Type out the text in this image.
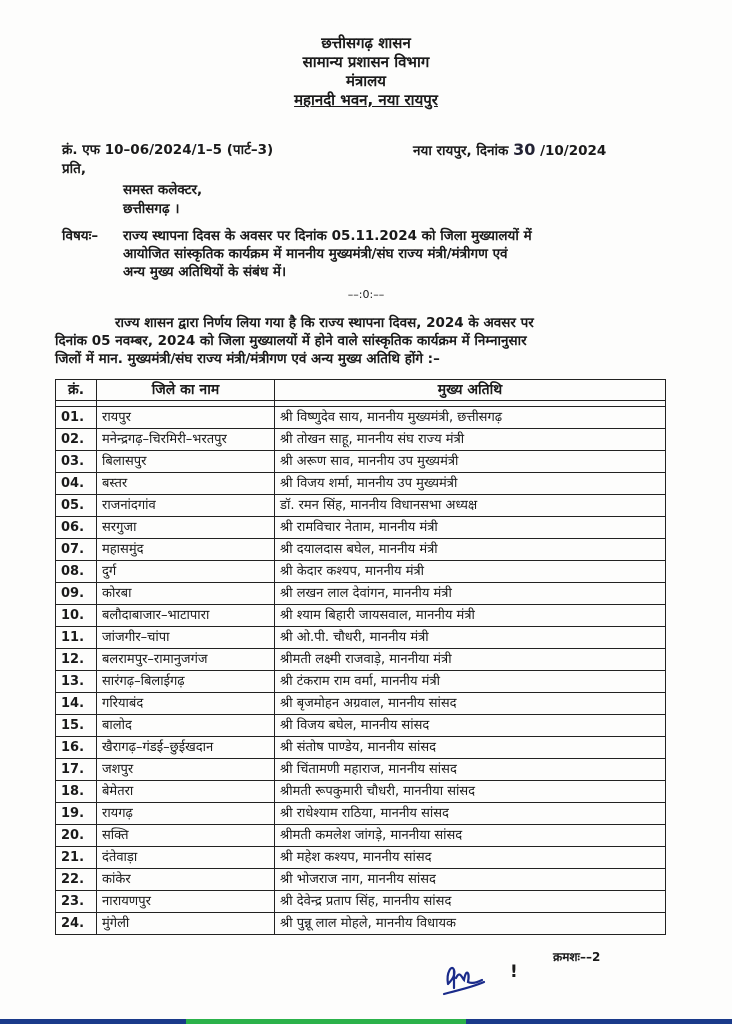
छत्तीसगढ़ शासन
सामान्य प्रशासन विभाग
मंत्रालय
महानदी भवन, नया रायपुर
क्रं. एफ 10–06/2024/1–5 (पार्ट–3)	नया रायपुर, दिनांक 30 /10/2024
प्रति,
समस्त कलेक्टर,
छत्तीसगढ़ ।
विषयः– राज्य स्थापना दिवस के अवसर पर दिनांक 05.11.2024 को जिला मुख्यालयों में
आयोजित सांस्कृतिक कार्यक्रम में माननीय मुख्यमंत्री/संघ राज्य मंत्री/मंत्रीगण एवं
अन्य मुख्य अतिथियों के संबंध में।
––:0:––
राज्य शासन द्वारा निर्णय लिया गया है कि राज्य स्थापना दिवस, 2024 के अवसर पर
दिनांक 05 नवम्बर, 2024 को जिला मुख्यालयों में होने वाले सांस्कृतिक कार्यक्रम में निम्नानुसार
जिलों में मान. मुख्यमंत्री/संघ राज्य मंत्री/मंत्रीगण एवं अन्य मुख्य अतिथि होंगे :–
क्रं.	जिले का नाम	मुख्य अतिथि

01.	रायपुर	श्री विष्णुदेव साय, माननीय मुख्यमंत्री, छत्तीसगढ़
02.	मनेन्द्रगढ़–चिरमिरी–भरतपुर	श्री तोखन साहू, माननीय संघ राज्य मंत्री
03.	बिलासपुर	श्री अरूण साव, माननीय उप मुख्यमंत्री
04.	बस्तर	श्री विजय शर्मा, माननीय उप मुख्यमंत्री
05.	राजनांदगांव	डॉ. रमन सिंह, माननीय विधानसभा अध्यक्ष
06.	सरगुजा	श्री रामविचार नेताम, माननीय मंत्री
07.	महासमुंद	श्री दयालदास बघेल, माननीय मंत्री
08.	दुर्ग	श्री केदार कश्यप, माननीय मंत्री
09.	कोरबा	श्री लखन लाल देवांगन, माननीय मंत्री
10.	बलौदाबाजार–भाटापारा	श्री श्याम बिहारी जायसवाल, माननीय मंत्री
11.	जांजगीर–चांपा	श्री ओ.पी. चौधरी, माननीय मंत्री
12.	बलरामपुर–रामानुजगंज	श्रीमती लक्ष्मी राजवाड़े, माननीया मंत्री
13.	सारंगढ़–बिलाईगढ़	श्री टंकराम राम वर्मा, माननीय मंत्री
14.	गरियाबंद	श्री बृजमोहन अग्रवाल, माननीय सांसद
15.	बालोद	श्री विजय बघेल, माननीय सांसद
16.	खैरागढ़–गंडई–छुईखदान	श्री संतोष पाण्डेय, माननीय सांसद
17.	जशपुर	श्री चिंतामणी महाराज, माननीय सांसद
18.	बेमेतरा	श्रीमती रूपकुमारी चौधरी, माननीया सांसद
19.	रायगढ़	श्री राधेश्याम राठिया, माननीय सांसद
20.	सक्ति	श्रीमती कमलेश जांगड़े, माननीया सांसद
21.	दंतेवाड़ा	श्री महेश कश्यप, माननीय सांसद
22.	कांकेर	श्री भोजराज नाग, माननीय सांसद
23.	नारायणपुर	श्री देवेन्द्र प्रताप सिंह, माननीय सांसद
24.	मुंगेली	श्री पुन्नू लाल मोहले, माननीय विधायक
क्रमशः––2
!
